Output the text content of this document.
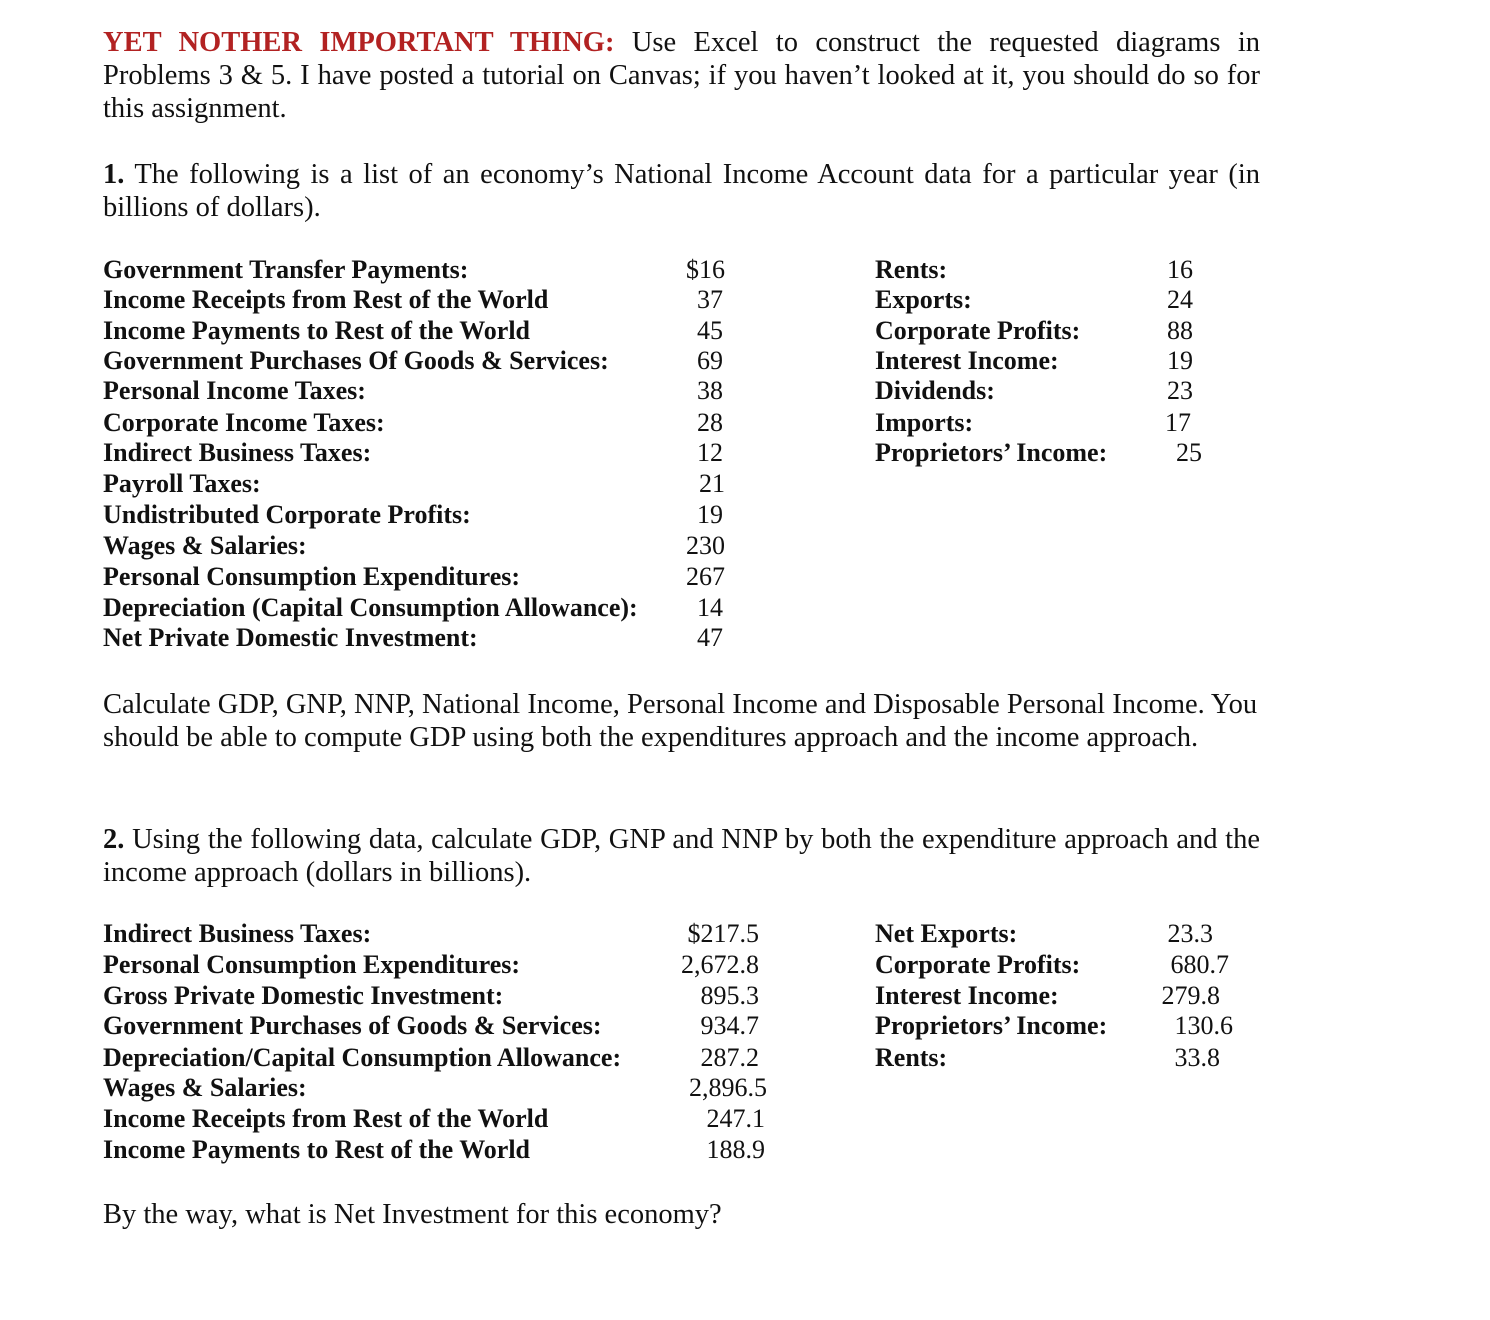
YET NOTHER IMPORTANT THING: Use Excel to construct the requested diagrams in Problems 3 & 5. I have posted a tutorial on Canvas; if you haven’t looked at it, you should do so for this assignment.
1. The following is a list of an economy’s National Income Account data for a particular year (in billions of dollars).
Government Transfer Payments:	$16
Income Receipts from Rest of the World	37
Income Payments to Rest of the World	45
Government Purchases Of Goods & Services:	69
Personal Income Taxes:	38
Corporate Income Taxes:	28
Indirect Business Taxes:	12
Payroll Taxes:	21
Undistributed Corporate Profits:	19
Wages & Salaries:	230
Personal Consumption Expenditures:	267
Depreciation (Capital Consumption Allowance):	14
Net Private Domestic Investment:	47
Rents:	16
Exports:	24
Corporate Profits:	88
Interest Income:	19
Dividends:	23
Imports:	17
Proprietors’ Income:	25
Calculate GDP, GNP, NNP, National Income, Personal Income and Disposable Personal Income. You should be able to compute GDP using both the expenditures approach and the income approach.
2. Using the following data, calculate GDP, GNP and NNP by both the expenditure approach and the income approach (dollars in billions).
Indirect Business Taxes:	$217.5
Personal Consumption Expenditures:	2,672.8
Gross Private Domestic Investment:	895.3
Government Purchases of Goods & Services:	934.7
Depreciation/Capital Consumption Allowance:	287.2
Wages & Salaries:	2,896.5
Income Receipts from Rest of the World	247.1
Income Payments to Rest of the World	188.9
Net Exports:	23.3
Corporate Profits:	680.7
Interest Income:	279.8
Proprietors’ Income:	130.6
Rents:	33.8
By the way, what is Net Investment for this economy?
